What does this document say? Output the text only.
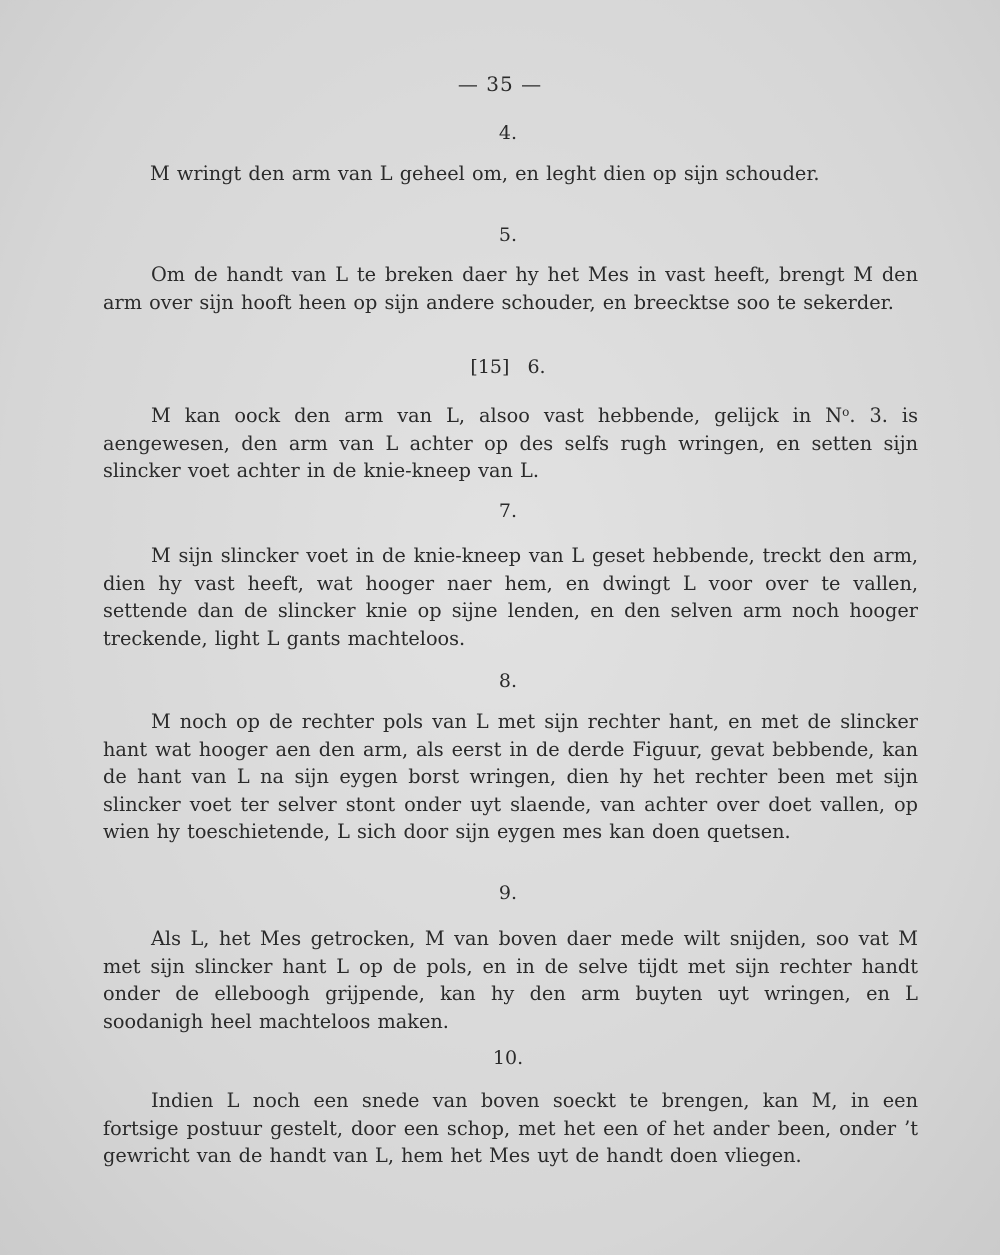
— 35 —
4.
M wringt den arm van L geheel om, en leght dien op sijn schouder.
5.
Om de handt van L te breken daer hy het Mes in vast heeft, brengt M den arm over sijn hooft heen op sijn andere schouder, en breecktse soo te sekerder.
[15] 6.
M kan oock den arm van L, alsoo vast hebbende, gelijck in $N^o$. 3. is aengewesen, den arm van L achter op des selfs rugh wringen, en setten sijn slincker voet achter in de knie-kneep van L.
7.
M sijn slincker voet in de knie-kneep van L geset hebbende, treckt den arm, dien hy vast heeft, wat hooger naer hem, en dwingt L voor over te vallen, settende dan de slincker knie op sijne lenden, en den selven arm noch hooger treckende, light L gants machteloos.
8.
M noch op de rechter pols van L met sijn rechter hant, en met de slincker hant wat hooger aen den arm, als eerst in de derde Figuur, gevat bebbende, kan de hant van L na sijn eygen borst wringen, dien hy het rechter been met sijn slincker voet ter selver stont onder uyt slaende, van achter over doet vallen, op wien hy toeschietende, L sich door sijn eygen mes kan doen quetsen.
9.
Als L, het Mes getrocken, M van boven daer mede wilt snijden, soo vat M met sijn slincker hant L op de pols, en in de selve tijdt met sijn rechter handt onder de elleboogh grijpende, kan hy den arm buyten uyt wringen, en L soodanigh heel machteloos maken.
10.
Indien L noch een snede van boven soeckt te brengen, kan M, in een fortsige postuur gestelt, door een schop, met het een of het ander been, onder ’t gewricht van de handt van L, hem het Mes uyt de handt doen vliegen.
